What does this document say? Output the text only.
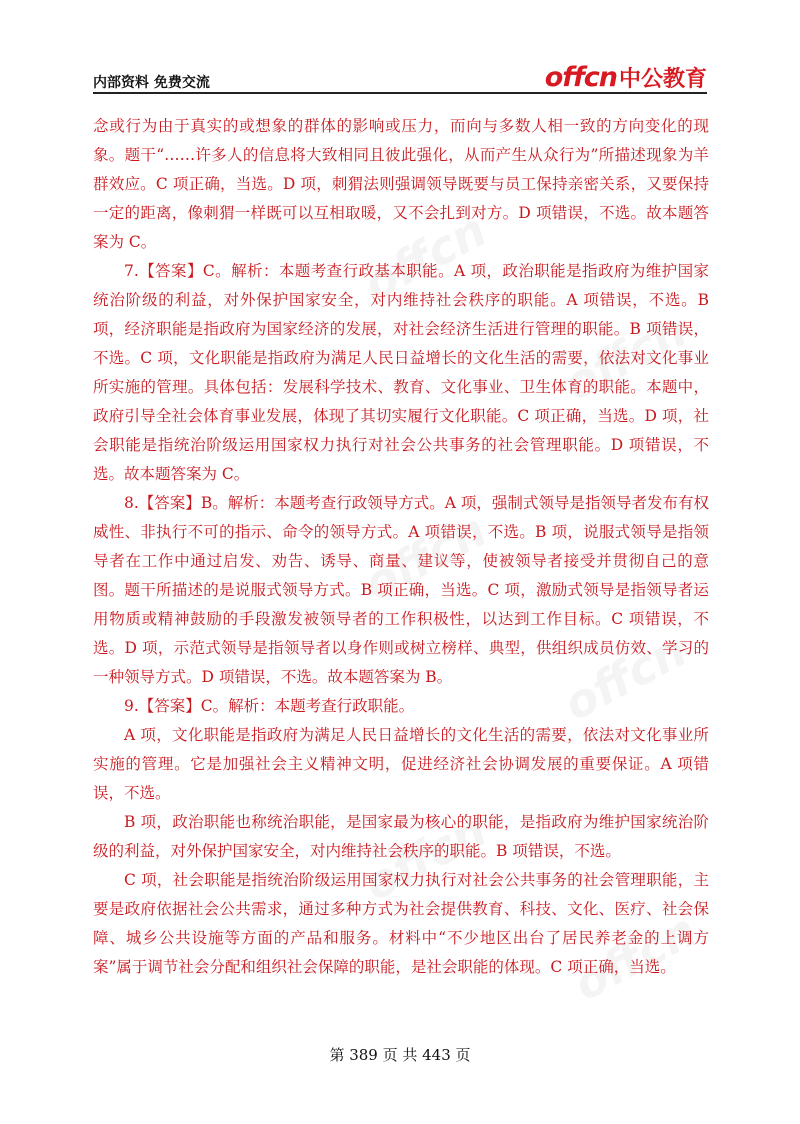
内部资料 免费交流	offcn 中公教育

念或行为由于真实的或想象的群体的影响或压力，而向与多数人相一致的方向变化的现象。题干“……许多人的信息将大致相同且彼此强化，从而产生从众行为”所描述现象为羊群效应。C 项正确，当选。D 项，刺猬法则强调领导既要与员工保持亲密关系，又要保持一定的距离，像刺猬一样既可以互相取暖，又不会扎到对方。D 项错误，不选。故本题答案为 C。

7.【答案】C。解析：本题考查行政基本职能。A 项，政治职能是指政府为维护国家统治阶级的利益，对外保护国家安全，对内维持社会秩序的职能。A 项错误，不选。B 项，经济职能是指政府为国家经济的发展，对社会经济生活进行管理的职能。B 项错误，不选。C 项，文化职能是指政府为满足人民日益增长的文化生活的需要，依法对文化事业所实施的管理。具体包括：发展科学技术、教育、文化事业、卫生体育的职能。本题中，政府引导全社会体育事业发展，体现了其切实履行文化职能。C 项正确，当选。D 项，社会职能是指统治阶级运用国家权力执行对社会公共事务的社会管理职能。D 项错误，不选。故本题答案为 C。

8.【答案】B。解析：本题考查行政领导方式。A 项，强制式领导是指领导者发布有权威性、非执行不可的指示、命令的领导方式。A 项错误，不选。B 项，说服式领导是指领导者在工作中通过启发、劝告、诱导、商量、建议等，使被领导者接受并贯彻自己的意图。题干所描述的是说服式领导方式。B 项正确，当选。C 项，激励式领导是指领导者运用物质或精神鼓励的手段激发被领导者的工作积极性，以达到工作目标。C 项错误，不选。D 项，示范式领导是指领导者以身作则或树立榜样、典型，供组织成员仿效、学习的一种领导方式。D 项错误，不选。故本题答案为 B。

9.【答案】C。解析：本题考查行政职能。

A 项，文化职能是指政府为满足人民日益增长的文化生活的需要，依法对文化事业所实施的管理。它是加强社会主义精神文明，促进经济社会协调发展的重要保证。A 项错误，不选。

B 项，政治职能也称统治职能，是国家最为核心的职能，是指政府为维护国家统治阶级的利益，对外保护国家安全，对内维持社会秩序的职能。B 项错误，不选。

C 项，社会职能是指统治阶级运用国家权力执行对社会公共事务的社会管理职能，主要是政府依据社会公共需求，通过多种方式为社会提供教育、科技、文化、医疗、社会保障、城乡公共设施等方面的产品和服务。材料中“不少地区出台了居民养老金的上调方案”属于调节社会分配和组织社会保障的职能，是社会职能的体现。C 项正确，当选。

第 389 页 共 443 页
